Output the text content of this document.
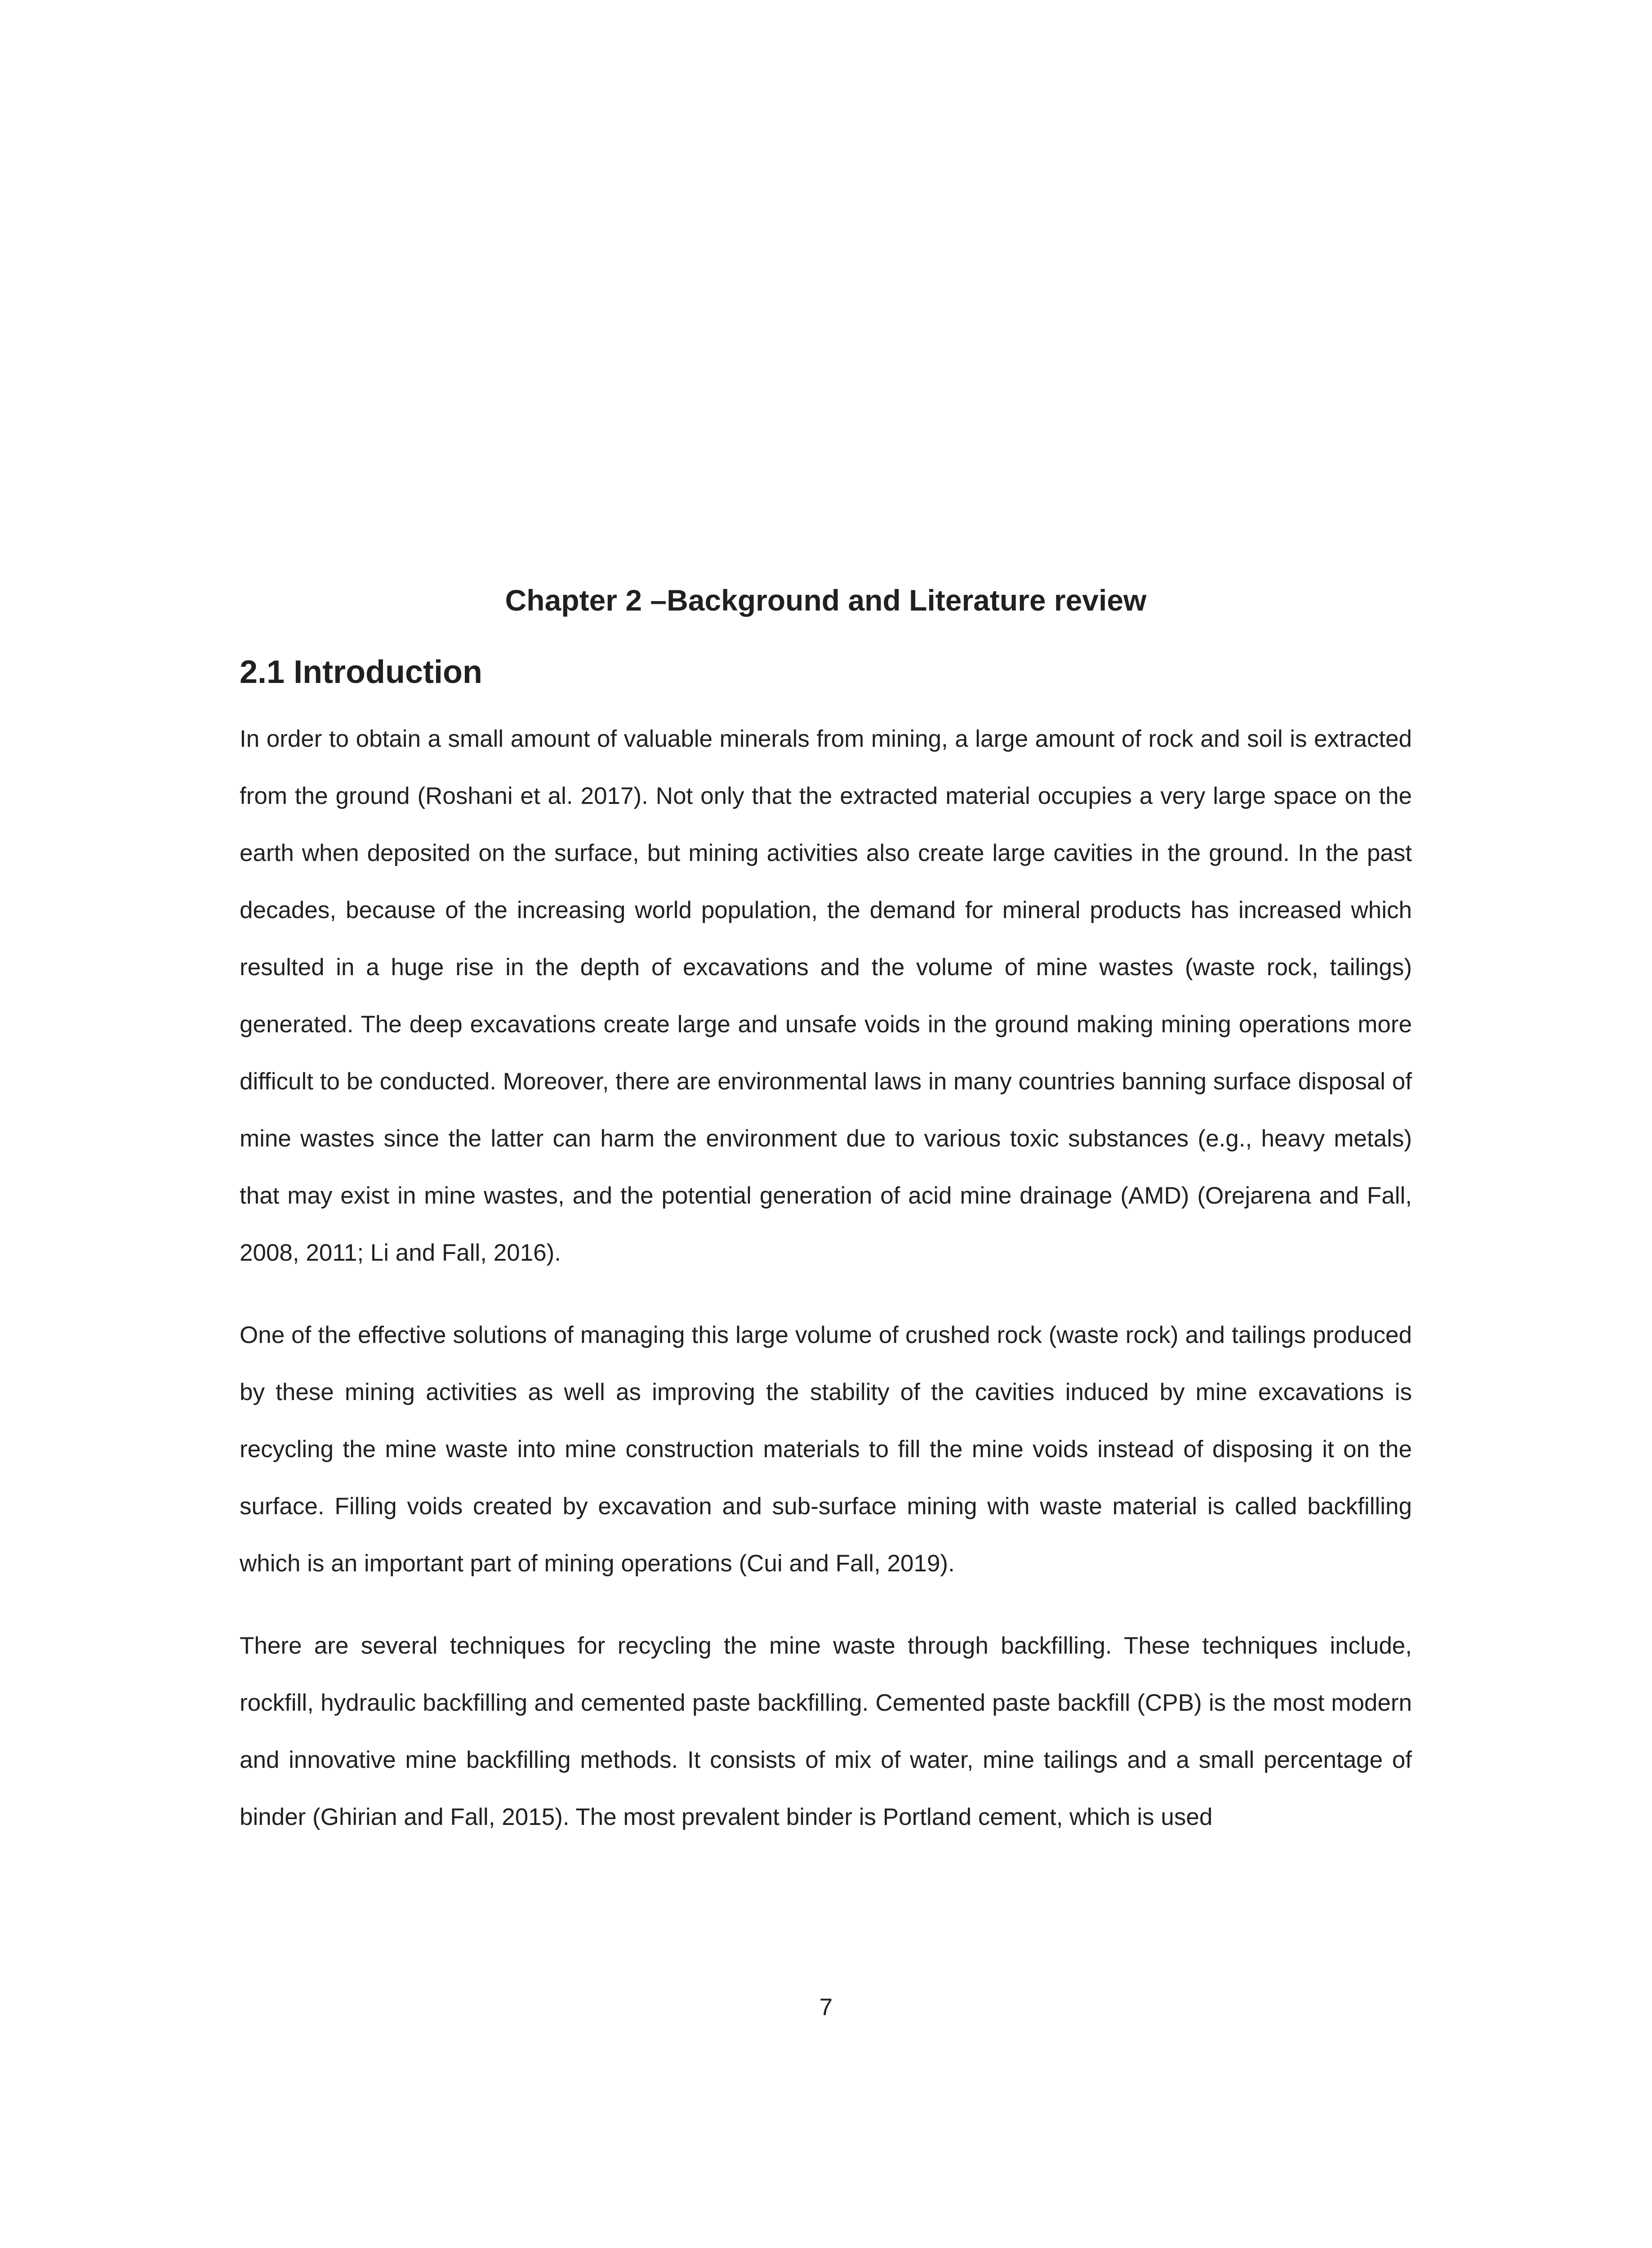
Chapter 2 –Background and Literature review
2.1 Introduction

In order to obtain a small amount of valuable minerals from mining, a large amount of rock and soil is extracted from the ground (Roshani et al. 2017). Not only that the extracted material occupies a very large space on the earth when deposited on the surface, but mining activities also create large cavities in the ground. In the past decades, because of the increasing world population, the demand for mineral products has increased which resulted in a huge rise in the depth of excavations and the volume of mine wastes (waste rock, tailings) generated. The deep excavations create large and unsafe voids in the ground making mining operations more difficult to be conducted. Moreover, there are environmental laws in many countries banning surface disposal of mine wastes since the latter can harm the environment due to various toxic substances (e.g., heavy metals) that may exist in mine wastes, and the potential generation of acid mine drainage (AMD) (Orejarena and Fall, 2008, 2011; Li and Fall, 2016).

One of the effective solutions of managing this large volume of crushed rock (waste rock) and tailings produced by these mining activities as well as improving the stability of the cavities induced by mine excavations is recycling the mine waste into mine construction materials to fill the mine voids instead of disposing it on the surface. Filling voids created by excavation and sub-surface mining with waste material is called backfilling which is an important part of mining operations (Cui and Fall, 2019).

There are several techniques for recycling the mine waste through backfilling. These techniques include, rockfill, hydraulic backfilling and cemented paste backfilling. Cemented paste backfill (CPB) is the most modern and innovative mine backfilling methods. It consists of mix of water, mine tailings and a small percentage of binder (Ghirian and Fall, 2015). The most prevalent binder is Portland cement, which is used

7
